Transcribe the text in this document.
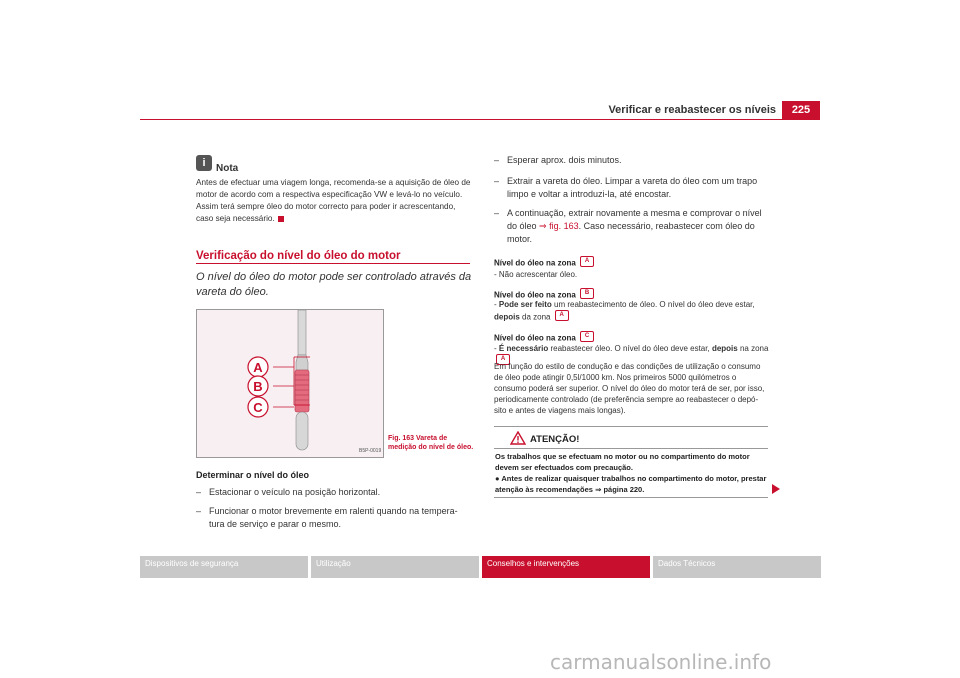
Verificar e reabastecer os níveis	225
i	Nota
Antes de efectuar uma viagem longa, recomenda-se a aquisição de óleo de motor de acordo com a respectiva especificação VW e levá-lo no veículo. Assim terá sempre óleo do motor correcto para poder ir acrescentando, caso seja necessário.
Verificação do nível do óleo do motor
O nível do óleo do motor pode ser controlado através da vareta do óleo.
A
B
C
B5P-0019
Fig. 163 Vareta de medição do nível de óleo.
Determinar o nível do óleo
– Estacionar o veículo na posição horizontal.
– Funcionar o motor brevemente em ralenti quando na tempera-tura de serviço e parar o mesmo.
– Esperar aprox. dois minutos.
– Extrair a vareta do óleo. Limpar a vareta do óleo com um trapo limpo e voltar a introduzi-la, até encostar.
– A continuação, extrair novamente a mesma e comprovar o nível do óleo ⇒ fig. 163. Caso necessário, reabastecer com óleo do motor.
Nível do óleo na zona A
- Não acrescentar óleo.
Nível do óleo na zona B
- Pode ser feito um reabastecimento de óleo. O nível do óleo deve estar,
depois da zona A
Nível do óleo na zona C
- É necessário reabastecer óleo. O nível do óleo deve estar, depois na zona A
Em função do estilo de condução e das condições de utilização o consumo de óleo pode atingir 0,5l/1000 km. Nos primeiros 5000 quilómetros o consumo poderá ser superior. O nível do óleo do motor terá de ser, por isso, periodicamente controlado (de preferência sempre ao reabastecer o depó-sito e antes de viagens mais longas).
ATENÇÃO!
Os trabalhos que se efectuam no motor ou no compartimento do motor devem ser efectuados com precaução.
● Antes de realizar quaisquer trabalhos no compartimento do motor, prestar atenção às recomendações ⇒ página 220.
Dispositivos de segurança	Utilização	Conselhos e intervenções	Dados Técnicos
carmanualsonline.info
